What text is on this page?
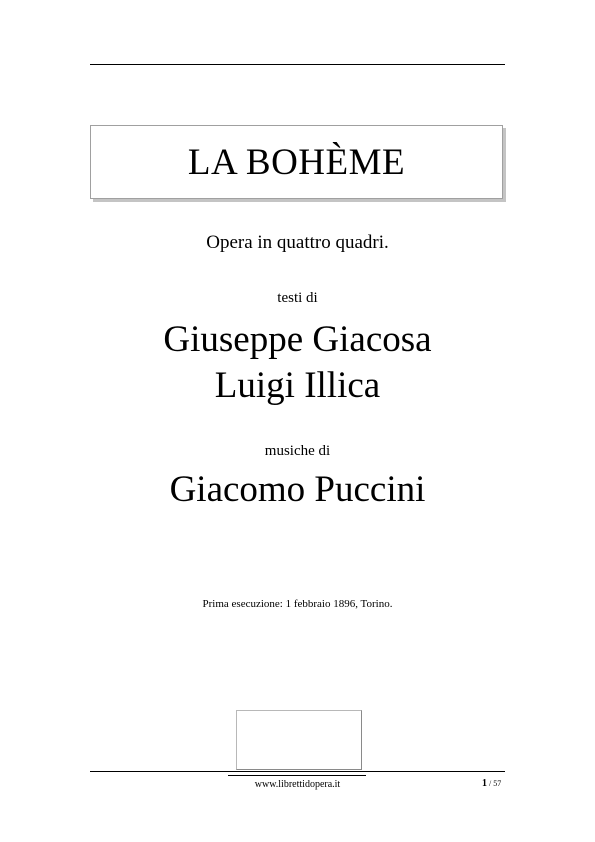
LA BOHÈME
Opera in quattro quadri.
testi di
Giuseppe Giacosa
Luigi Illica
musiche di
Giacomo Puccini
Prima esecuzione: 1 febbraio 1896, Torino.
www.librettidopera.it	1 / 57
